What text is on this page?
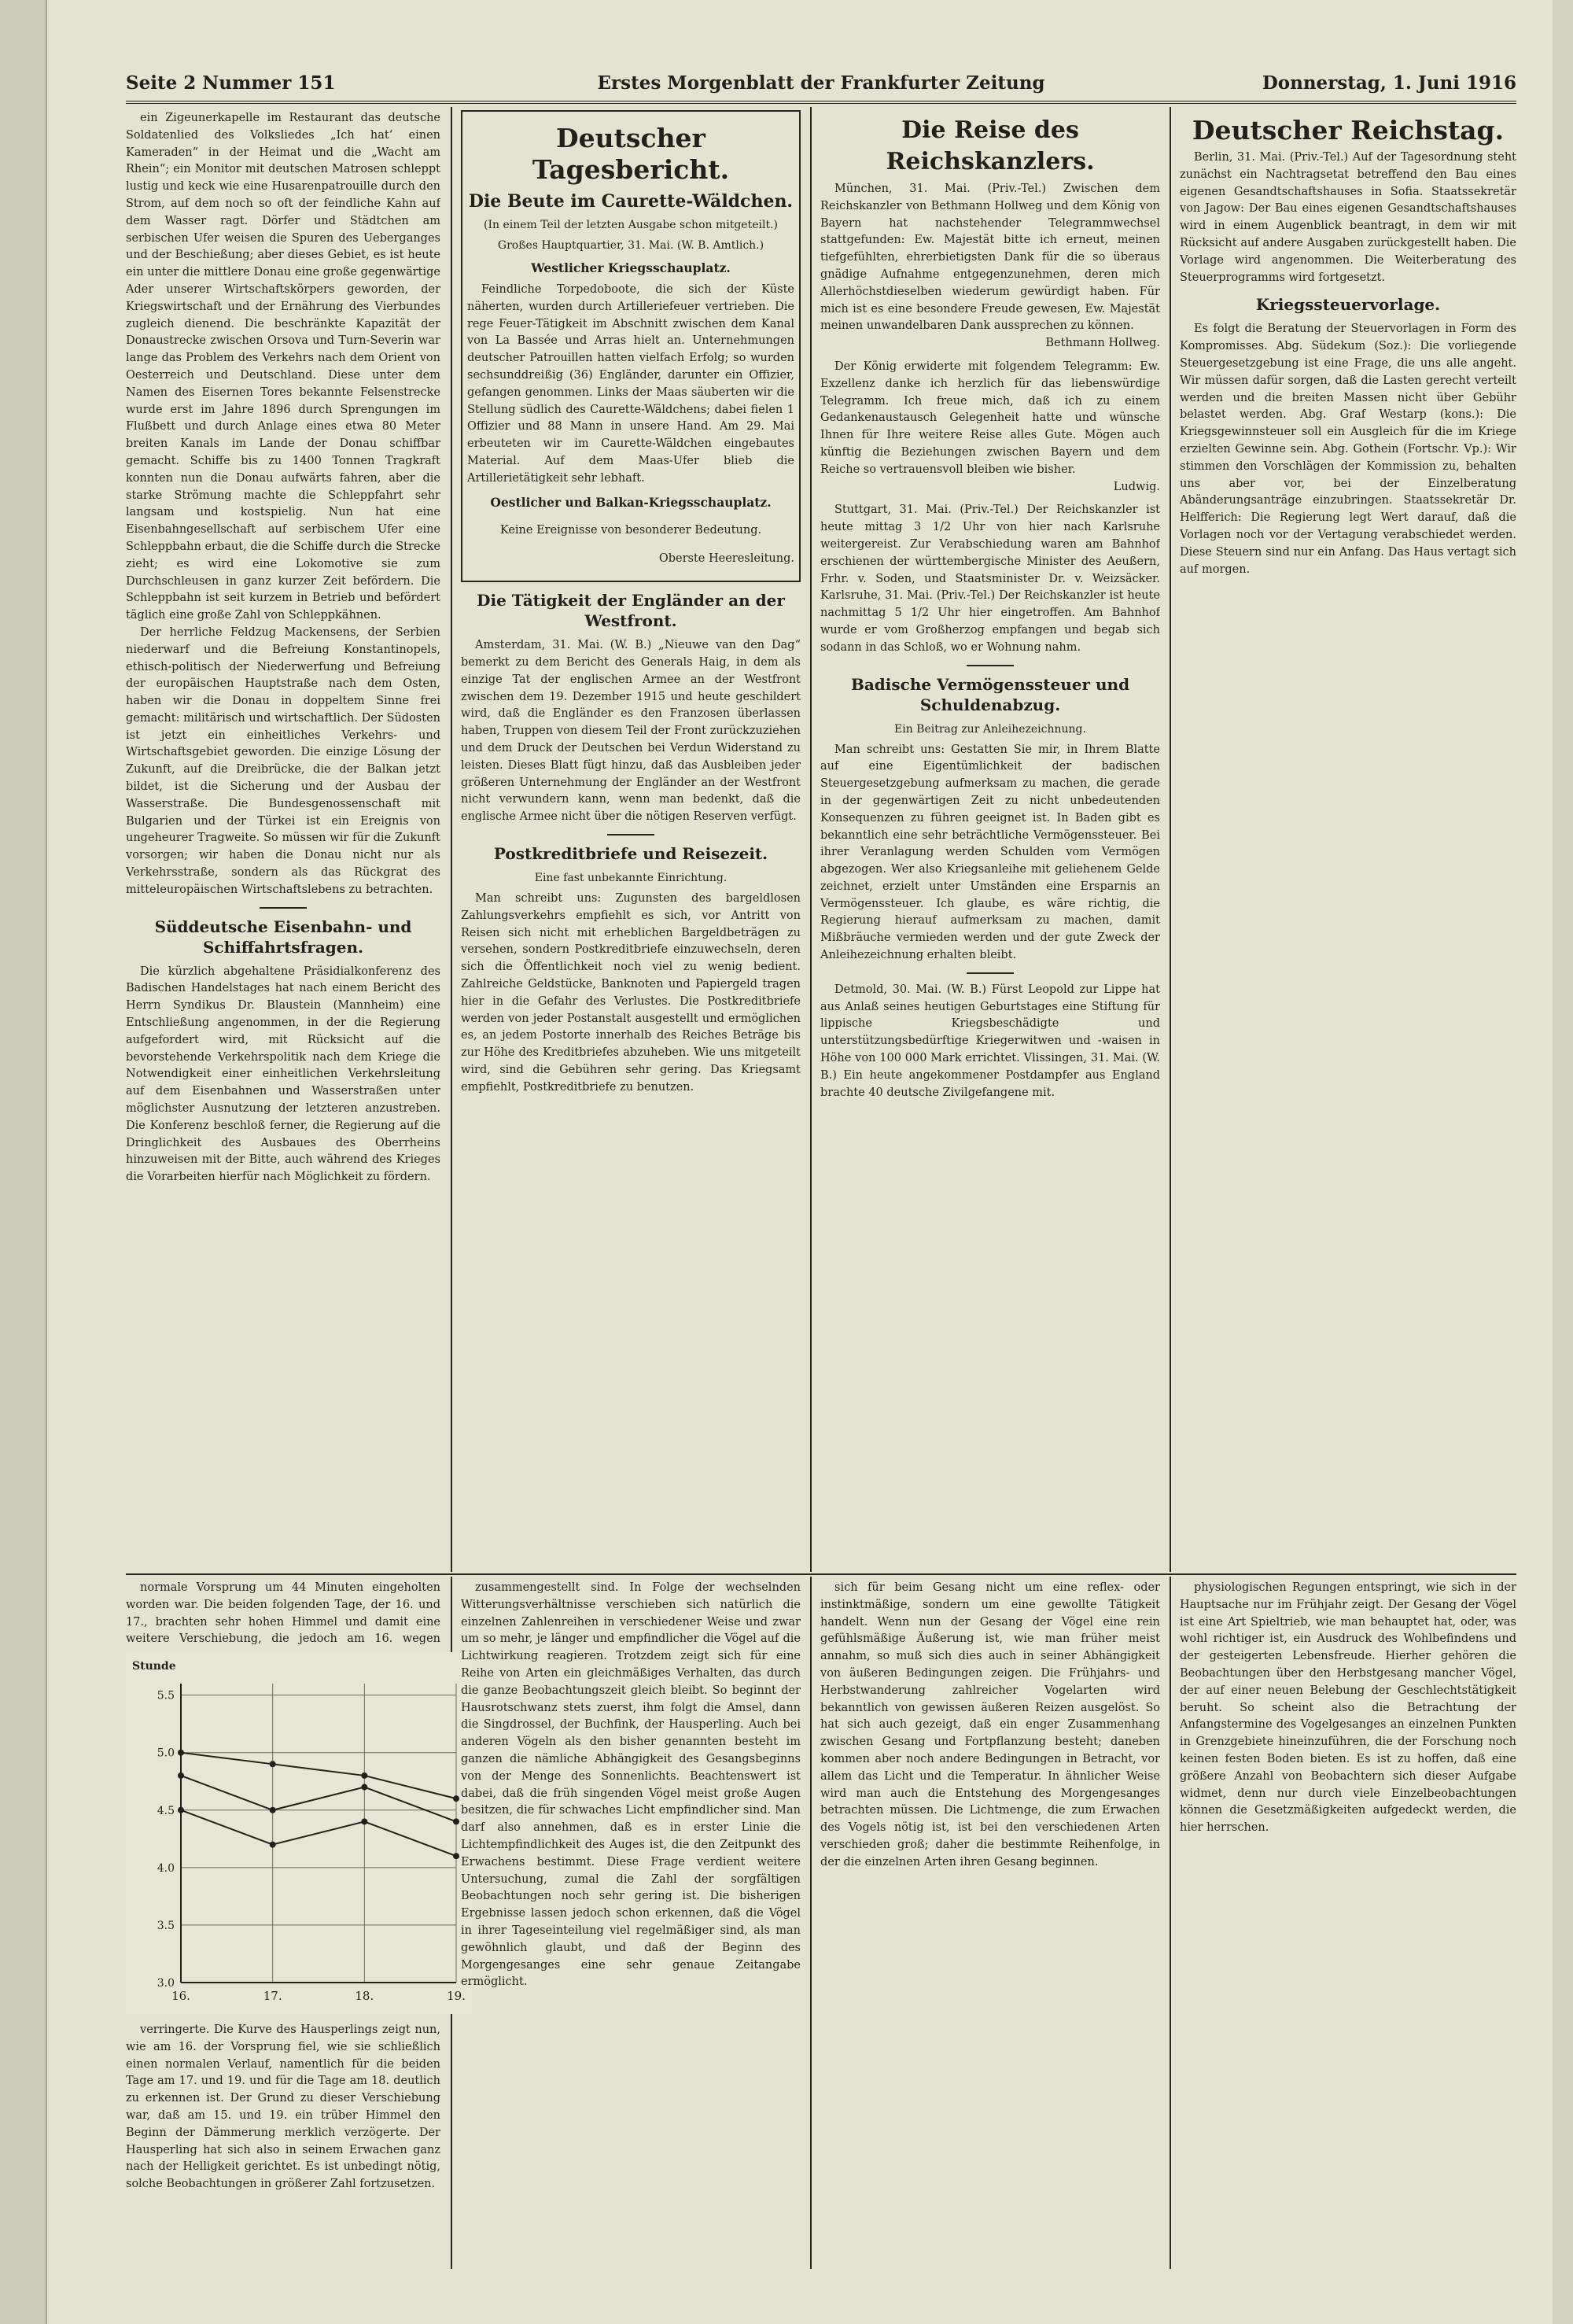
Seite 2 Nummer 151	Erstes Morgenblatt der Frankfurter Zeitung	Donnerstag, 1. Juni 1916

ein Zigeunerkapelle im Restaurant das deutsche Soldatenlied des Volksliedes „Ich hat‘ einen Kameraden“ in der Heimat und die „Wacht am Rhein“; ein Monitor mit deutschen Matrosen schleppt lustig und keck wie eine Husarenpatrouille durch den Strom, auf dem noch so oft der feindliche Kahn auf dem Wasser ragt. Dörfer und Städtchen am serbischen Ufer weisen die Spuren des Ueberganges und der Beschießung; aber dieses Gebiet, es ist heute ein unter die mittlere Donau eine große gegenwärtige Ader unserer Wirtschaftskörpers geworden, der Kriegswirtschaft und der Ernährung des Vierbundes zugleich dienend. Die beschränkte Kapazität der Donaustrecke zwischen Orsova und Turn-Severin war lange das Problem des Verkehrs nach dem Orient von Oesterreich und Deutschland. Diese unter dem Namen des Eisernen Tores bekannte Felsenstrecke wurde erst im Jahre 1896 durch Sprengungen im Flußbett und durch Anlage eines etwa 80 Meter breiten Kanals im Lande der Donau schiffbar gemacht. Schiffe bis zu 1400 Tonnen Tragkraft konnten nun die Donau aufwärts fahren, aber die starke Strömung machte die Schleppfahrt sehr langsam und kostspielig. Nun hat eine Eisenbahngesellschaft auf serbischem Ufer eine Schleppbahn erbaut, die die Schiffe durch die Strecke zieht; es wird eine Lokomotive sie zum Durchschleusen in ganz kurzer Zeit befördern. Die Schleppbahn ist seit kurzem in Betrieb und befördert täglich eine große Zahl von Schleppkähnen.

Der herrliche Feldzug Mackensens, der Serbien niederwarf und die Befreiung Konstantinopels, ethisch-politisch der Niederwerfung und Befreiung der europäischen Hauptstraße nach dem Osten, haben wir die Donau in doppeltem Sinne frei gemacht: militärisch und wirtschaftlich. Der Südosten ist jetzt ein einheitliches Verkehrs- und Wirtschaftsgebiet geworden. Die einzige Lösung der Zukunft, auf die Dreibrücke, die der Balkan jetzt bildet, ist die Sicherung und der Ausbau der Wasserstraße. Die Bundesgenossenschaft mit Bulgarien und der Türkei ist ein Ereignis von ungeheurer Tragweite. So müssen wir für die Zukunft vorsorgen; wir haben die Donau nicht nur als Verkehrsstraße, sondern als das Rückgrat des mitteleuropäischen Wirtschaftslebens zu betrachten.

Süddeutsche Eisenbahn- und Schiffahrtsfragen.

Die kürzlich abgehaltene Präsidialkonferenz des Badischen Handelstages hat nach einem Bericht des Herrn Syndikus Dr. Blaustein (Mannheim) eine Entschließung angenommen, in der die Regierung aufgefordert wird, mit Rücksicht auf die bevorstehende Verkehrspolitik nach dem Kriege die Notwendigkeit einer einheitlichen Verkehrsleitung auf dem Eisenbahnen und Wasserstraßen unter möglichster Ausnutzung der letzteren anzustreben. Die Konferenz beschloß ferner, die Regierung auf die Dringlichkeit des Ausbaues des Oberrheins hinzuweisen mit der Bitte, auch während des Krieges die Vorarbeiten hierfür nach Möglichkeit zu fördern.

Deutscher Tagesbericht.
Die Beute im Caurette-Wäldchen.
(In einem Teil der letzten Ausgabe schon mitgeteilt.)
Großes Hauptquartier, 31. Mai. (W. B. Amtlich.)
Westlicher Kriegsschauplatz.

Feindliche Torpedoboote, die sich der Küste näherten, wurden durch Artilleriefeuer vertrieben. Die rege Feuer-Tätigkeit im Abschnitt zwischen dem Kanal von La Bassée und Arras hielt an. Unternehmungen deutscher Patrouillen hatten vielfach Erfolg; so wurden sechsunddreißig (36) Engländer, darunter ein Offizier, gefangen genommen. Links der Maas säuberten wir die Stellung südlich des Caurette-Wäldchens; dabei fielen 1 Offizier und 88 Mann in unsere Hand. Am 29. Mai erbeuteten wir im Caurette-Wäldchen eingebautes Material. Auf dem Maas-Ufer blieb die Artillerietätigkeit sehr lebhaft.

Oestlicher und Balkan-Kriegsschauplatz.

Keine Ereignisse von besonderer Bedeutung.

Oberste Heeresleitung.

Die Tätigkeit der Engländer an der Westfront.

Amsterdam, 31. Mai. (W. B.) „Nieuwe van den Dag“ bemerkt zu dem Bericht des Generals Haig, in dem als einzige Tat der englischen Armee an der Westfront zwischen dem 19. Dezember 1915 und heute geschildert wird, daß die Engländer es den Franzosen überlassen haben, Truppen von diesem Teil der Front zurückzuziehen und dem Druck der Deutschen bei Verdun Widerstand zu leisten. Dieses Blatt fügt hinzu, daß das Ausbleiben jeder größeren Unternehmung der Engländer an der Westfront nicht verwundern kann, wenn man bedenkt, daß die englische Armee nicht über die nötigen Reserven verfügt.

Postkreditbriefe und Reisezeit.
Eine fast unbekannte Einrichtung.

Man schreibt uns: Zugunsten des bargeldlosen Zahlungsverkehrs empfiehlt es sich, vor Antritt von Reisen sich nicht mit erheblichen Bargeldbeträgen zu versehen, sondern Postkreditbriefe einzuwechseln, deren sich die Öffentlichkeit noch viel zu wenig bedient. Zahlreiche Geldstücke, Banknoten und Papiergeld tragen hier in die Gefahr des Verlustes. Die Postkreditbriefe werden von jeder Postanstalt ausgestellt und ermöglichen es, an jedem Postorte innerhalb des Reiches Beträge bis zur Höhe des Kreditbriefes abzuheben. Wie uns mitgeteilt wird, sind die Gebühren sehr gering. Das Kriegsamt empfiehlt, Postkreditbriefe zu benutzen.

Die Reise des Reichskanzlers.

München, 31. Mai. (Priv.-Tel.) Zwischen dem Reichskanzler von Bethmann Hollweg und dem König von Bayern hat nachstehender Telegrammwechsel stattgefunden: Ew. Majestät bitte ich erneut, meinen tiefgefühlten, ehrerbietigsten Dank für die so überaus gnädige Aufnahme entgegenzunehmen, deren mich Allerhöchstdieselben wiederum gewürdigt haben. Für mich ist es eine besondere Freude gewesen, Ew. Majestät meinen unwandelbaren Dank aussprechen zu können.

Bethmann Hollweg.

Der König erwiderte mit folgendem Telegramm: Ew. Exzellenz danke ich herzlich für das liebenswürdige Telegramm. Ich freue mich, daß ich zu einem Gedankenaustausch Gelegenheit hatte und wünsche Ihnen für Ihre weitere Reise alles Gute. Mögen auch künftig die Beziehungen zwischen Bayern und dem Reiche so vertrauensvoll bleiben wie bisher.

Ludwig.

Stuttgart, 31. Mai. (Priv.-Tel.) Der Reichskanzler ist heute mittag 3 1/2 Uhr von hier nach Karlsruhe weitergereist. Zur Verabschiedung waren am Bahnhof erschienen der württembergische Minister des Aeußern, Frhr. v. Soden, und Staatsminister Dr. v. Weizsäcker. Karlsruhe, 31. Mai. (Priv.-Tel.) Der Reichskanzler ist heute nachmittag 5 1/2 Uhr hier eingetroffen. Am Bahnhof wurde er vom Großherzog empfangen und begab sich sodann in das Schloß, wo er Wohnung nahm.

Badische Vermögenssteuer und Schuldenabzug.
Ein Beitrag zur Anleihezeichnung.

Man schreibt uns: Gestatten Sie mir, in Ihrem Blatte auf eine Eigentümlichkeit der badischen Steuergesetzgebung aufmerksam zu machen, die gerade in der gegenwärtigen Zeit zu nicht unbedeutenden Konsequenzen zu führen geeignet ist. In Baden gibt es bekanntlich eine sehr beträchtliche Vermögenssteuer. Bei ihrer Veranlagung werden Schulden vom Vermögen abgezogen. Wer also Kriegsanleihe mit geliehenem Gelde zeichnet, erzielt unter Umständen eine Ersparnis an Vermögenssteuer. Ich glaube, es wäre richtig, die Regierung hierauf aufmerksam zu machen, damit Mißbräuche vermieden werden und der gute Zweck der Anleihezeichnung erhalten bleibt.

Detmold, 30. Mai. (W. B.) Fürst Leopold zur Lippe hat aus Anlaß seines heutigen Geburtstages eine Stiftung für lippische Kriegsbeschädigte und unterstützungsbedürftige Kriegerwitwen und -waisen in Höhe von 100 000 Mark errichtet. Vlissingen, 31. Mai. (W. B.) Ein heute angekommener Postdampfer aus England brachte 40 deutsche Zivilgefangene mit.

Deutscher Reichstag.

Berlin, 31. Mai. (Priv.-Tel.) Auf der Tagesordnung steht zunächst ein Nachtragsetat betreffend den Bau eines eigenen Gesandtschaftshauses in Sofia. Staatssekretär von Jagow: Der Bau eines eigenen Gesandtschaftshauses wird in einem Augenblick beantragt, in dem wir mit Rücksicht auf andere Ausgaben zurückgestellt haben. Die Vorlage wird angenommen. Die Weiterberatung des Steuerprogramms wird fortgesetzt.

Kriegssteuervorlage.

Es folgt die Beratung der Steuervorlagen in Form des Kompromisses. Abg. Südekum (Soz.): Die vorliegende Steuergesetzgebung ist eine Frage, die uns alle angeht. Wir müssen dafür sorgen, daß die Lasten gerecht verteilt werden und die breiten Massen nicht über Gebühr belastet werden. Abg. Graf Westarp (kons.): Die Kriegsgewinnsteuer soll ein Ausgleich für die im Kriege erzielten Gewinne sein. Abg. Gothein (Fortschr. Vp.): Wir stimmen den Vorschlägen der Kommission zu, behalten uns aber vor, bei der Einzelberatung Abänderungsanträge einzubringen. Staatssekretär Dr. Helfferich: Die Regierung legt Wert darauf, daß die Vorlagen noch vor der Vertagung verabschiedet werden. Diese Steuern sind nur ein Anfang. Das Haus vertagt sich auf morgen.

normale Vorsprung um 44 Minuten eingeholten worden war. Die beiden folgenden Tage, der 16. und 17., brachten sehr hohen Himmel und damit eine weitere Verschiebung, die jedoch am 16. wegen

Stunde
3.0
3.5
4.0
4.5
5.0
5.5
16.	17.	18.	19.

verringerte. Die Kurve des Hausperlings zeigt nun, wie am 16. der Vorsprung fiel, wie sie schließlich einen normalen Verlauf, namentlich für die beiden Tage am 17. und 19. und für die Tage am 18. deutlich zu erkennen ist. Der Grund zu dieser Verschiebung war, daß am 15. und 19. ein trüber Himmel den Beginn der Dämmerung merklich verzögerte. Der Hausperling hat sich also in seinem Erwachen ganz nach der Helligkeit gerichtet. Es ist unbedingt nötig, solche Beobachtungen in größerer Zahl fortzusetzen.

zusammengestellt sind. In Folge der wechselnden Witterungsverhältnisse verschieben sich natürlich die einzelnen Zahlenreihen in verschiedener Weise und zwar um so mehr, je länger und empfindlicher die Vögel auf die Lichtwirkung reagieren. Trotzdem zeigt sich für eine Reihe von Arten ein gleichmäßiges Verhalten, das durch die ganze Beobachtungszeit gleich bleibt. So beginnt der Hausrotschwanz stets zuerst, ihm folgt die Amsel, dann die Singdrossel, der Buchfink, der Hausperling. Auch bei anderen Vögeln als den bisher genannten besteht im ganzen die nämliche Abhängigkeit des Gesangsbeginns von der Menge des Sonnenlichts. Beachtenswert ist dabei, daß die früh singenden Vögel meist große Augen besitzen, die für schwaches Licht empfindlicher sind. Man darf also annehmen, daß es in erster Linie die Lichtempfindlichkeit des Auges ist, die den Zeitpunkt des Erwachens bestimmt. Diese Frage verdient weitere Untersuchung, zumal die Zahl der sorgfältigen Beobachtungen noch sehr gering ist. Die bisherigen Ergebnisse lassen jedoch schon erkennen, daß die Vögel in ihrer Tageseinteilung viel regelmäßiger sind, als man gewöhnlich glaubt, und daß der Beginn des Morgengesanges eine sehr genaue Zeitangabe ermöglicht.

sich für beim Gesang nicht um eine reflex- oder instinktmäßige, sondern um eine gewollte Tätigkeit handelt. Wenn nun der Gesang der Vögel eine rein gefühlsmäßige Äußerung ist, wie man früher meist annahm, so muß sich dies auch in seiner Abhängigkeit von äußeren Bedingungen zeigen. Die Frühjahrs- und Herbstwanderung zahlreicher Vogelarten wird bekanntlich von gewissen äußeren Reizen ausgelöst. So hat sich auch gezeigt, daß ein enger Zusammenhang zwischen Gesang und Fortpflanzung besteht; daneben kommen aber noch andere Bedingungen in Betracht, vor allem das Licht und die Temperatur. In ähnlicher Weise wird man auch die Entstehung des Morgengesanges betrachten müssen. Die Lichtmenge, die zum Erwachen des Vogels nötig ist, ist bei den verschiedenen Arten verschieden groß; daher die bestimmte Reihenfolge, in der die einzelnen Arten ihren Gesang beginnen.

physiologischen Regungen entspringt, wie sich in der Hauptsache nur im Frühjahr zeigt. Der Gesang der Vögel ist eine Art Spieltrieb, wie man behauptet hat, oder, was wohl richtiger ist, ein Ausdruck des Wohlbefindens und der gesteigerten Lebensfreude. Hierher gehören die Beobachtungen über den Herbstgesang mancher Vögel, der auf einer neuen Belebung der Geschlechtstätigkeit beruht. So scheint also die Betrachtung der Anfangstermine des Vogelgesanges an einzelnen Punkten in Grenzgebiete hineinzuführen, die der Forschung noch keinen festen Boden bieten. Es ist zu hoffen, daß eine größere Anzahl von Beobachtern sich dieser Aufgabe widmet, denn nur durch viele Einzelbeobachtungen können die Gesetzmäßigkeiten aufgedeckt werden, die hier herrschen.
